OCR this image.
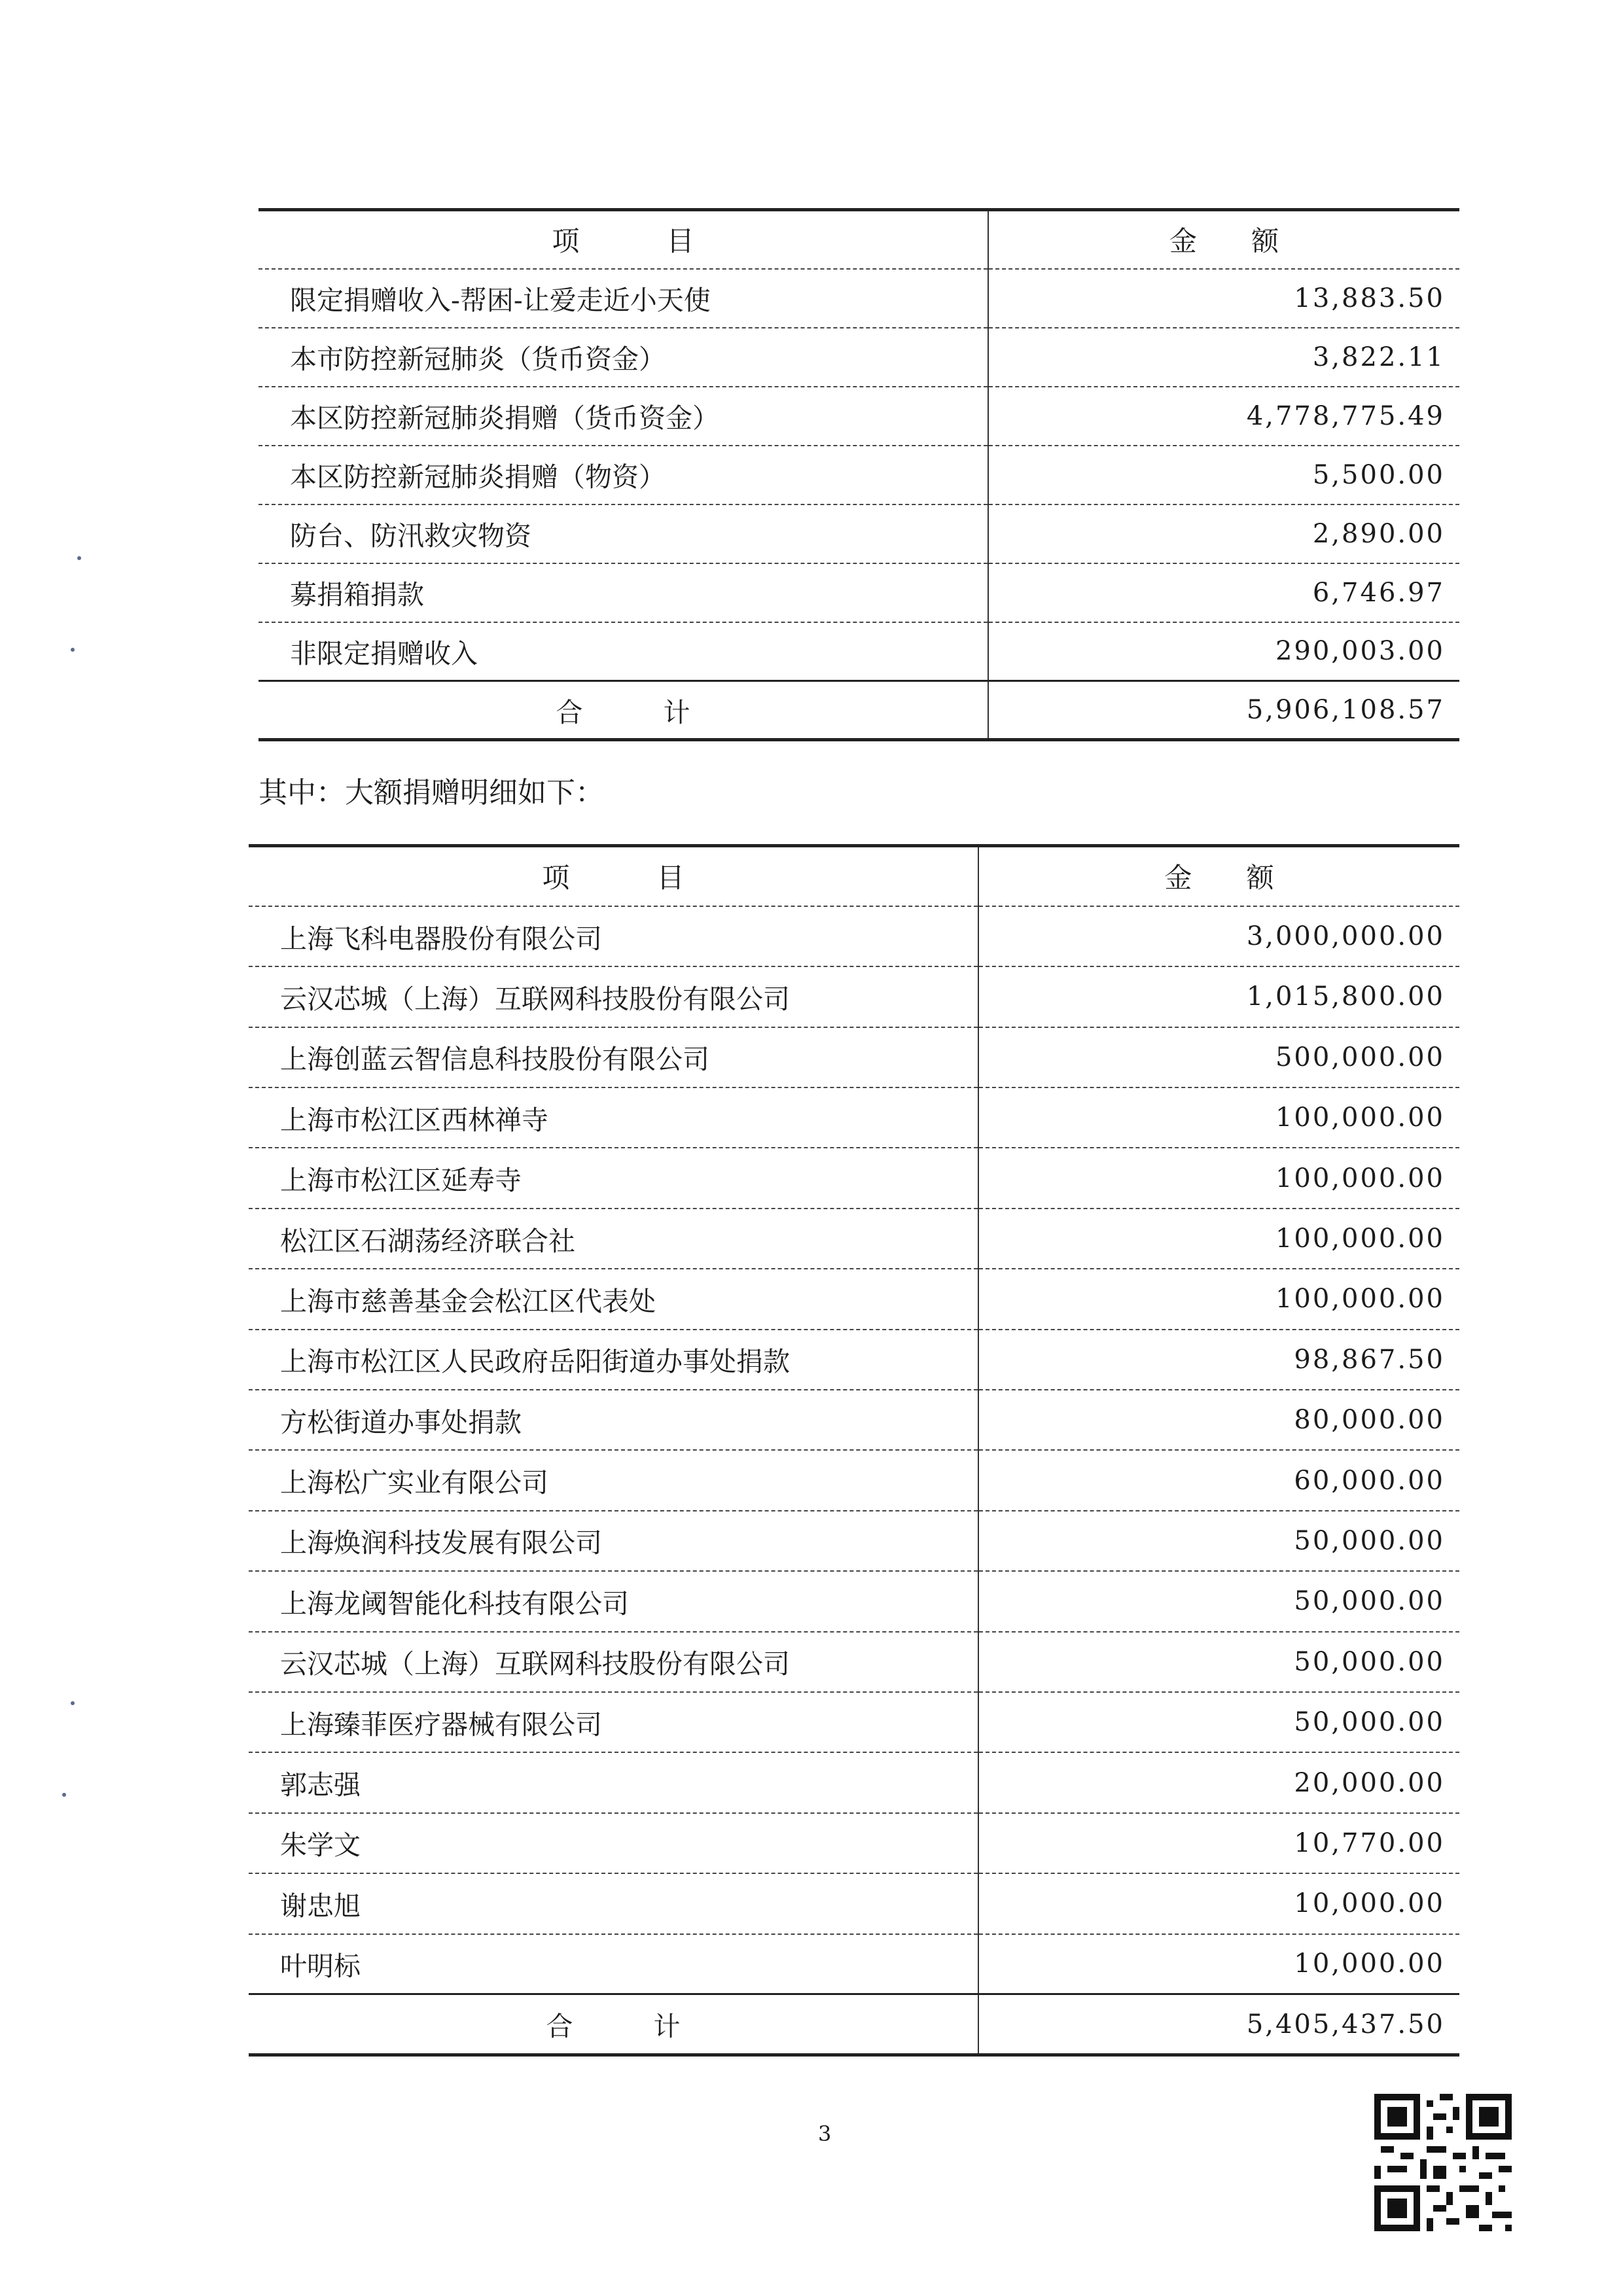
项 目	金 额
限定捐赠收入-帮困-让爱走近小天使	13,883.50
本市防控新冠肺炎（货币资金）	3,822.11
本区防控新冠肺炎捐赠（货币资金）	4,778,775.49
本区防控新冠肺炎捐赠（物资）	5,500.00
防台、防汛救灾物资	2,890.00
募捐箱捐款	6,746.97
非限定捐赠收入	290,003.00
合 计	5,906,108.57
其中：大额捐赠明细如下：
项 目	金 额
上海飞科电器股份有限公司	3,000,000.00
云汉芯城（上海）互联网科技股份有限公司	1,015,800.00
上海创蓝云智信息科技股份有限公司	500,000.00
上海市松江区西林禅寺	100,000.00
上海市松江区延寿寺	100,000.00
松江区石湖荡经济联合社	100,000.00
上海市慈善基金会松江区代表处	100,000.00
上海市松江区人民政府岳阳街道办事处捐款	98,867.50
方松街道办事处捐款	80,000.00
上海松广实业有限公司	60,000.00
上海焕润科技发展有限公司	50,000.00
上海龙阈智能化科技有限公司	50,000.00
云汉芯城（上海）互联网科技股份有限公司	50,000.00
上海臻菲医疗器械有限公司	50,000.00
郭志强	20,000.00
朱学文	10,770.00
谢忠旭	10,000.00
叶明标	10,000.00
合 计	5,405,437.50
3
